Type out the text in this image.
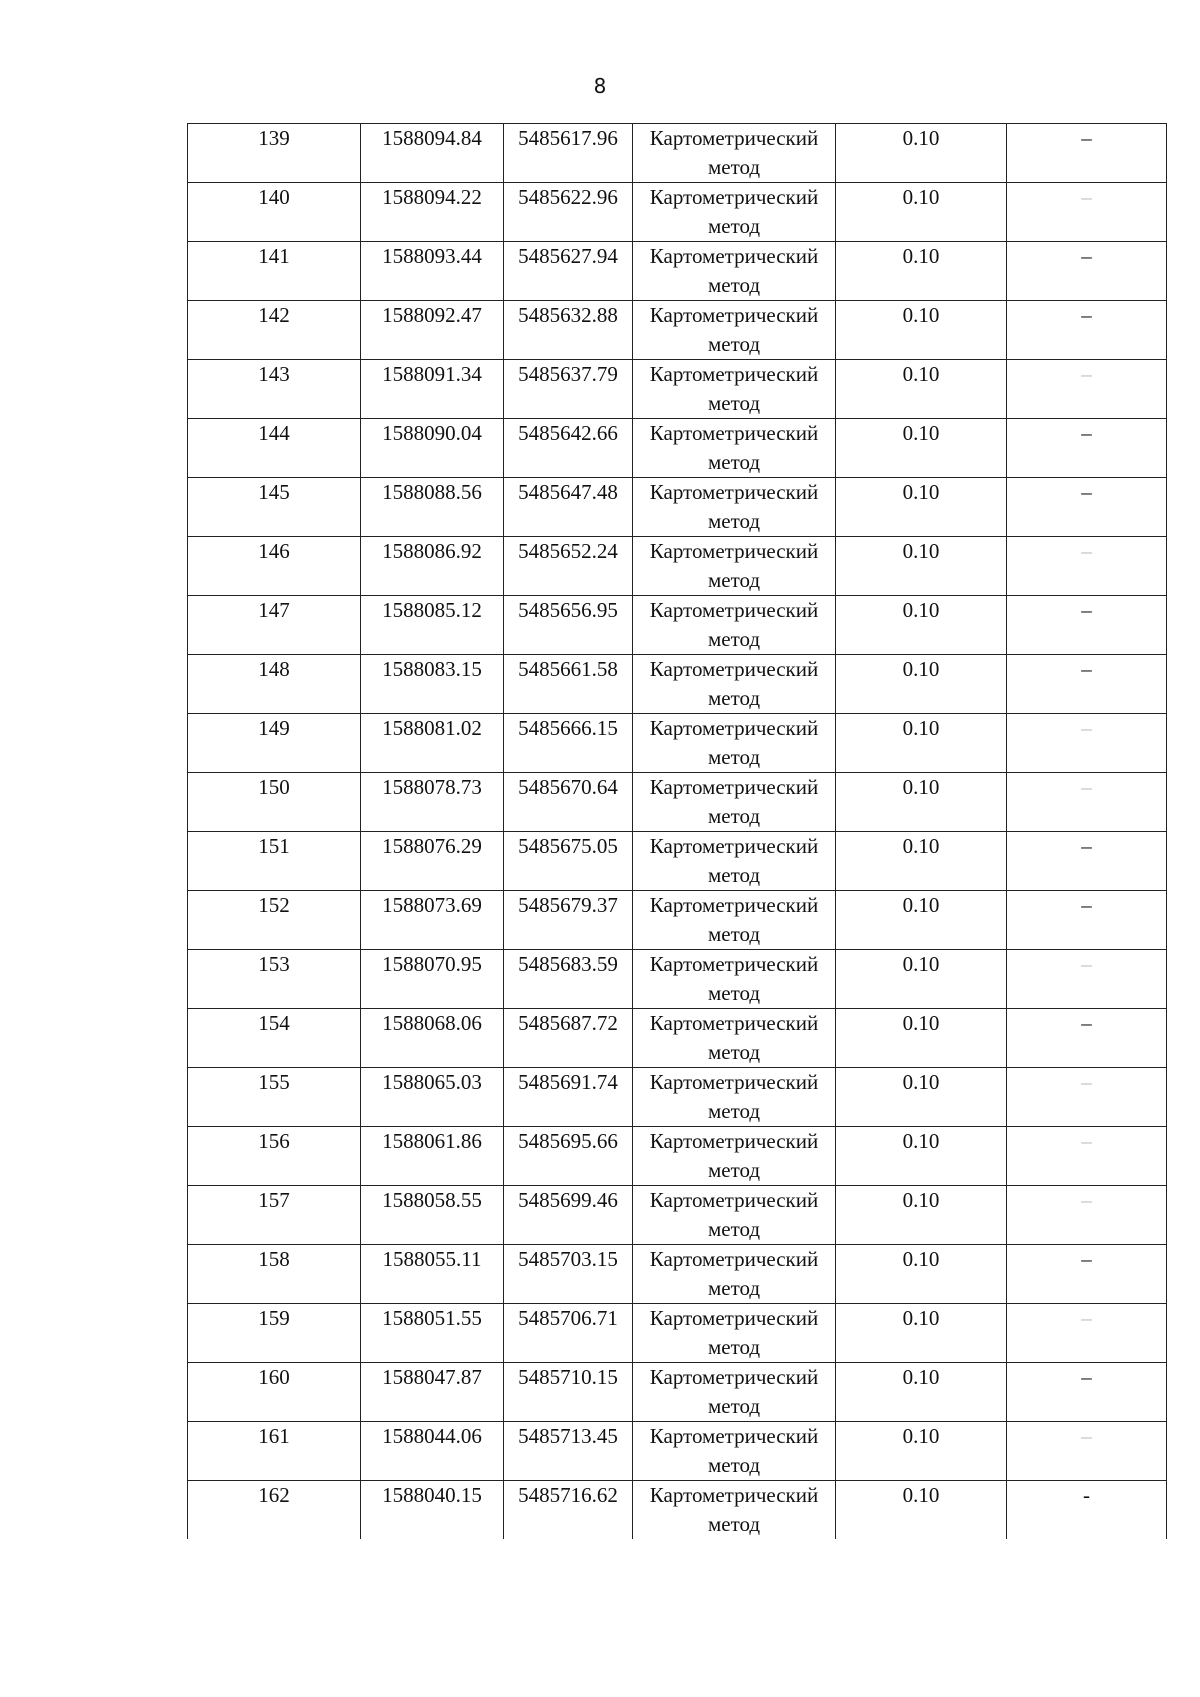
8
139	1588094.84	5485617.96	Картометрический
метод	0.10	–
140	1588094.22	5485622.96	Картометрический
метод	0.10	–
141	1588093.44	5485627.94	Картометрический
метод	0.10	–
142	1588092.47	5485632.88	Картометрический
метод	0.10	–
143	1588091.34	5485637.79	Картометрический
метод	0.10	–
144	1588090.04	5485642.66	Картометрический
метод	0.10	–
145	1588088.56	5485647.48	Картометрический
метод	0.10	–
146	1588086.92	5485652.24	Картометрический
метод	0.10	–
147	1588085.12	5485656.95	Картометрический
метод	0.10	–
148	1588083.15	5485661.58	Картометрический
метод	0.10	–
149	1588081.02	5485666.15	Картометрический
метод	0.10	–
150	1588078.73	5485670.64	Картометрический
метод	0.10	–
151	1588076.29	5485675.05	Картометрический
метод	0.10	–
152	1588073.69	5485679.37	Картометрический
метод	0.10	–
153	1588070.95	5485683.59	Картометрический
метод	0.10	–
154	1588068.06	5485687.72	Картометрический
метод	0.10	–
155	1588065.03	5485691.74	Картометрический
метод	0.10	–
156	1588061.86	5485695.66	Картометрический
метод	0.10	–
157	1588058.55	5485699.46	Картометрический
метод	0.10	–
158	1588055.11	5485703.15	Картометрический
метод	0.10	–
159	1588051.55	5485706.71	Картометрический
метод	0.10	–
160	1588047.87	5485710.15	Картометрический
метод	0.10	–
161	1588044.06	5485713.45	Картометрический
метод	0.10	–
162	1588040.15	5485716.62	Картометрический
метод	0.10	-
